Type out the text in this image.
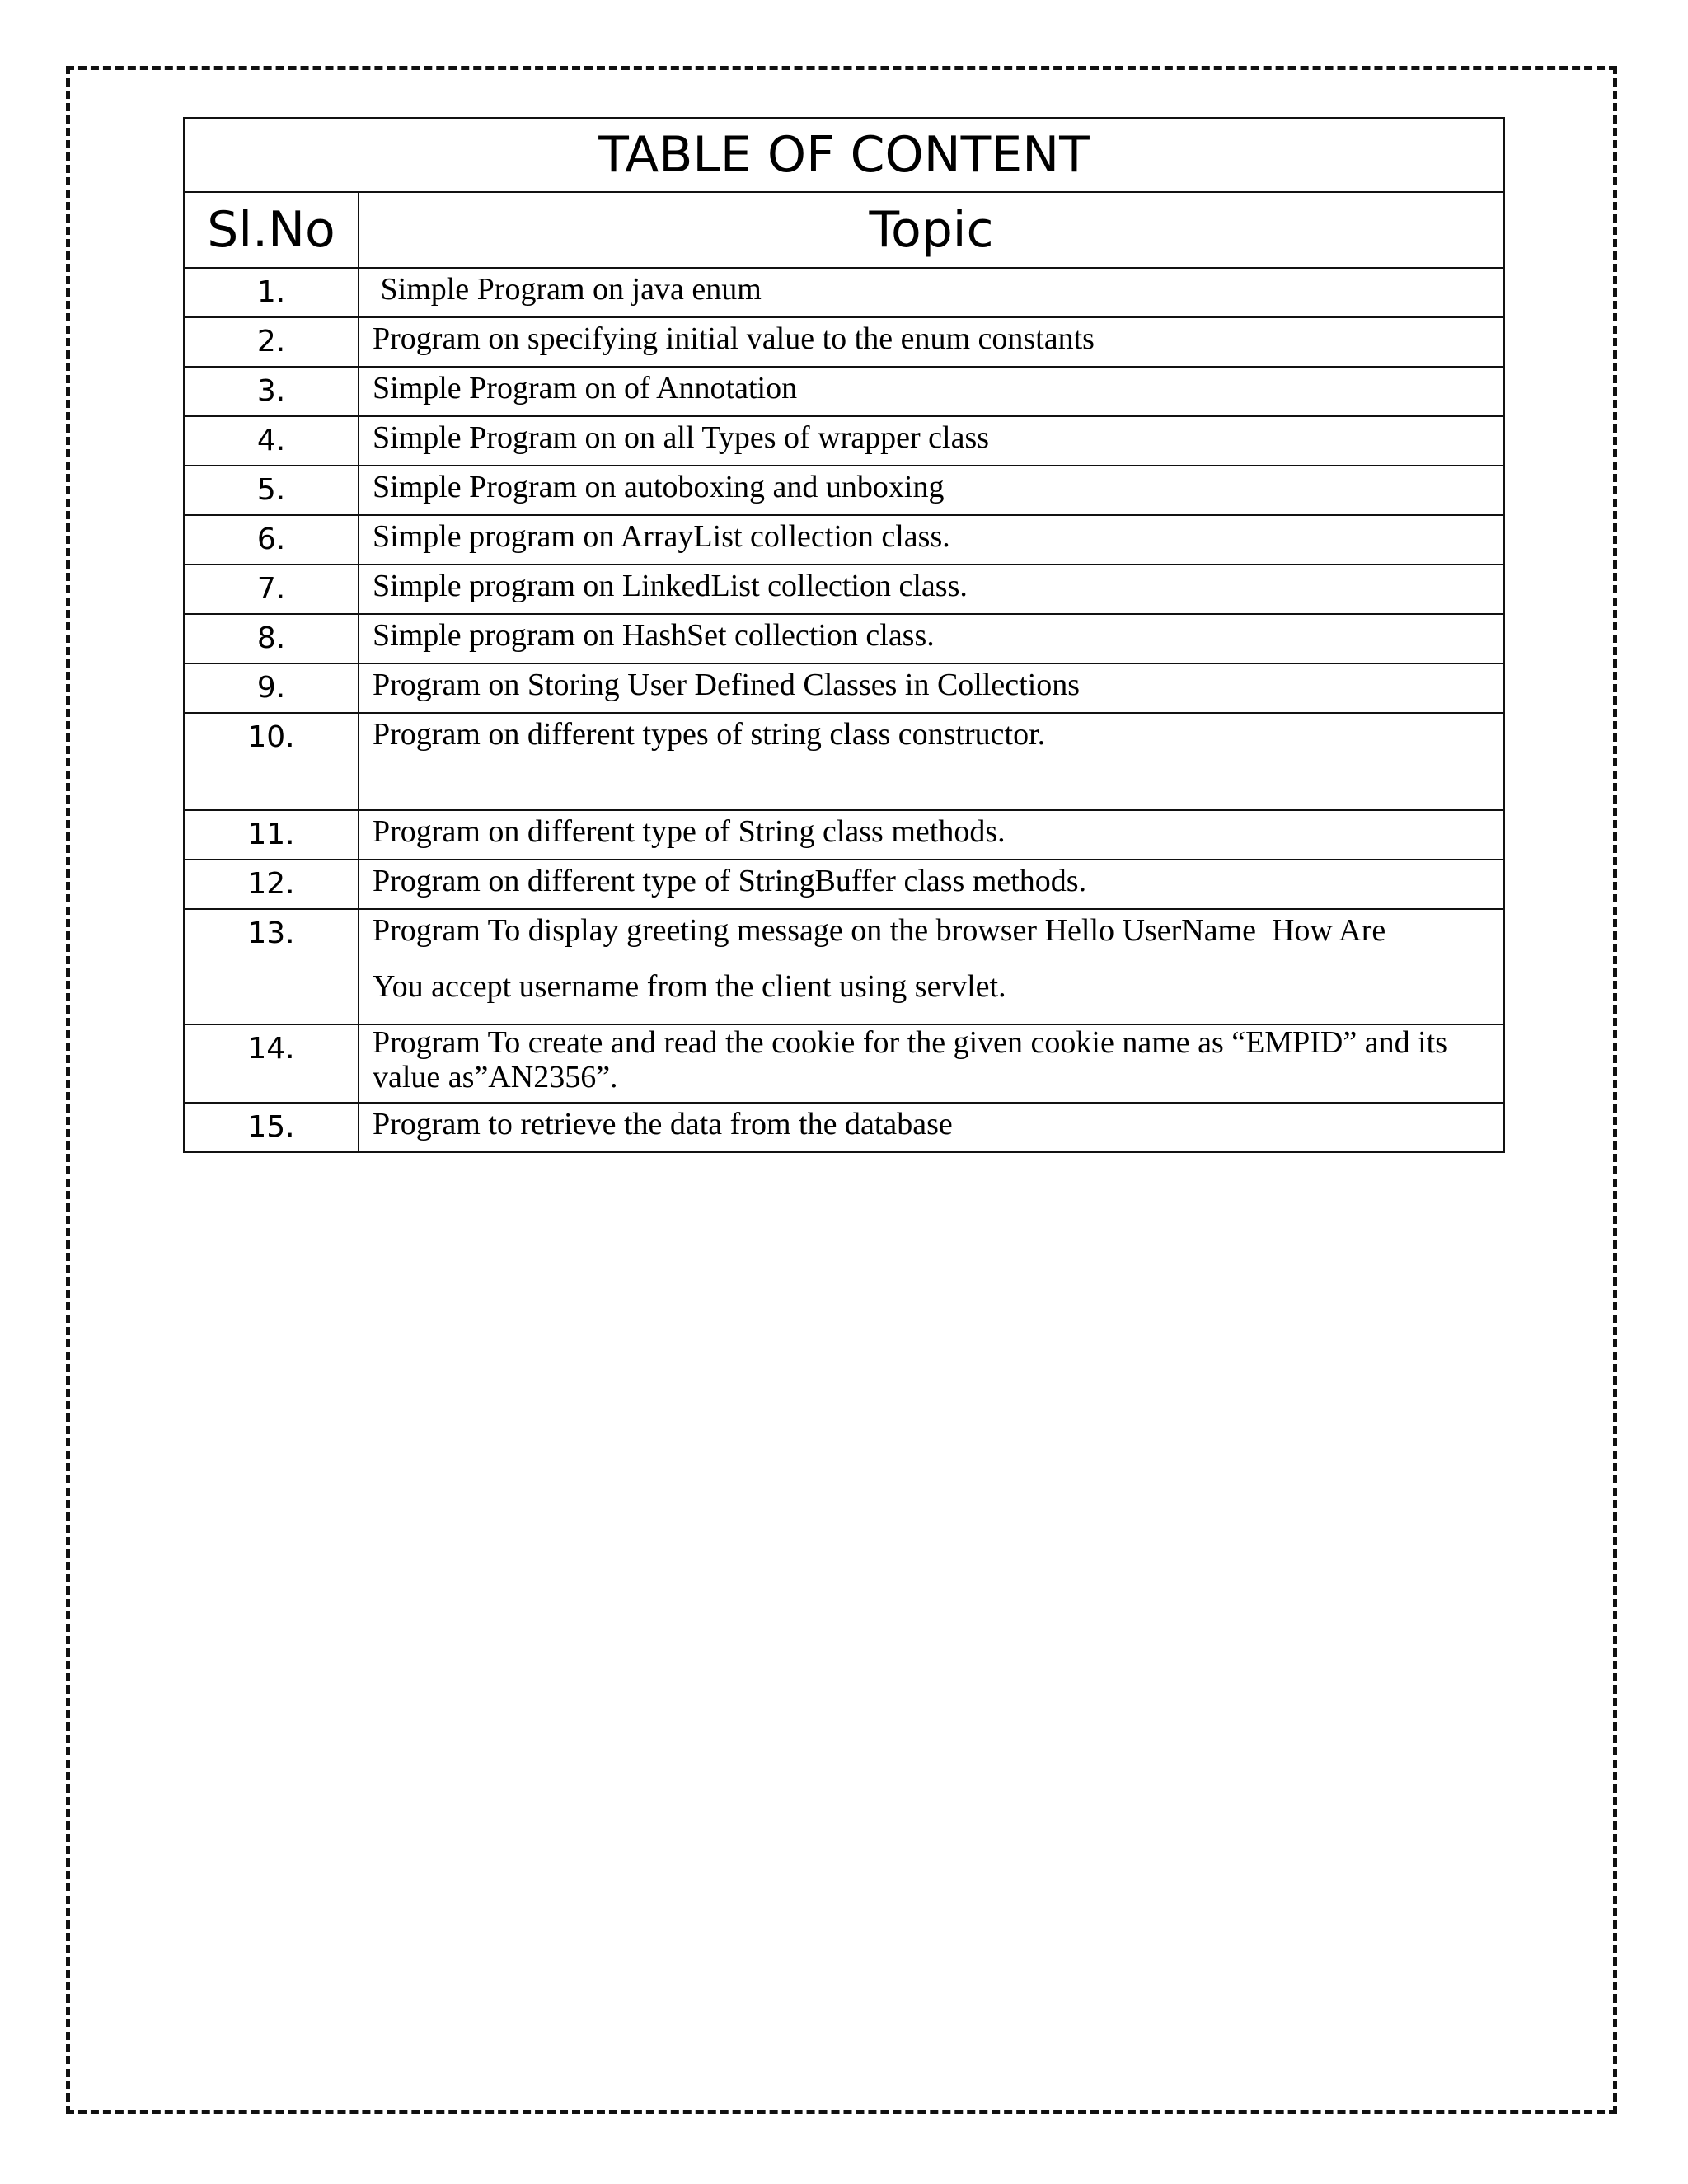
TABLE OF CONTENT	
Sl.No	Topic
1.	Simple Program on java enum
2.	Program on specifying initial value to the enum constants
3.	Simple Program on of Annotation
4.	Simple Program on on all Types of wrapper class
5.	Simple Program on autoboxing and unboxing
6.	Simple program on ArrayList collection class.
7.	Simple program on LinkedList collection class.
8.	Simple program on HashSet collection class.
9.	Program on Storing User Defined Classes in Collections
10.	Program on different types of string class constructor.
11.	Program on different type of String class methods.
12.	Program on different type of StringBuffer class methods.
13.	Program To display greeting message on the browser Hello UserName  How Are
You accept username from the client using servlet.

14.	Program To create and read the cookie for the given cookie name as “EMPID” and its value as”AN2356”.
15.	Program to retrieve the data from the database
